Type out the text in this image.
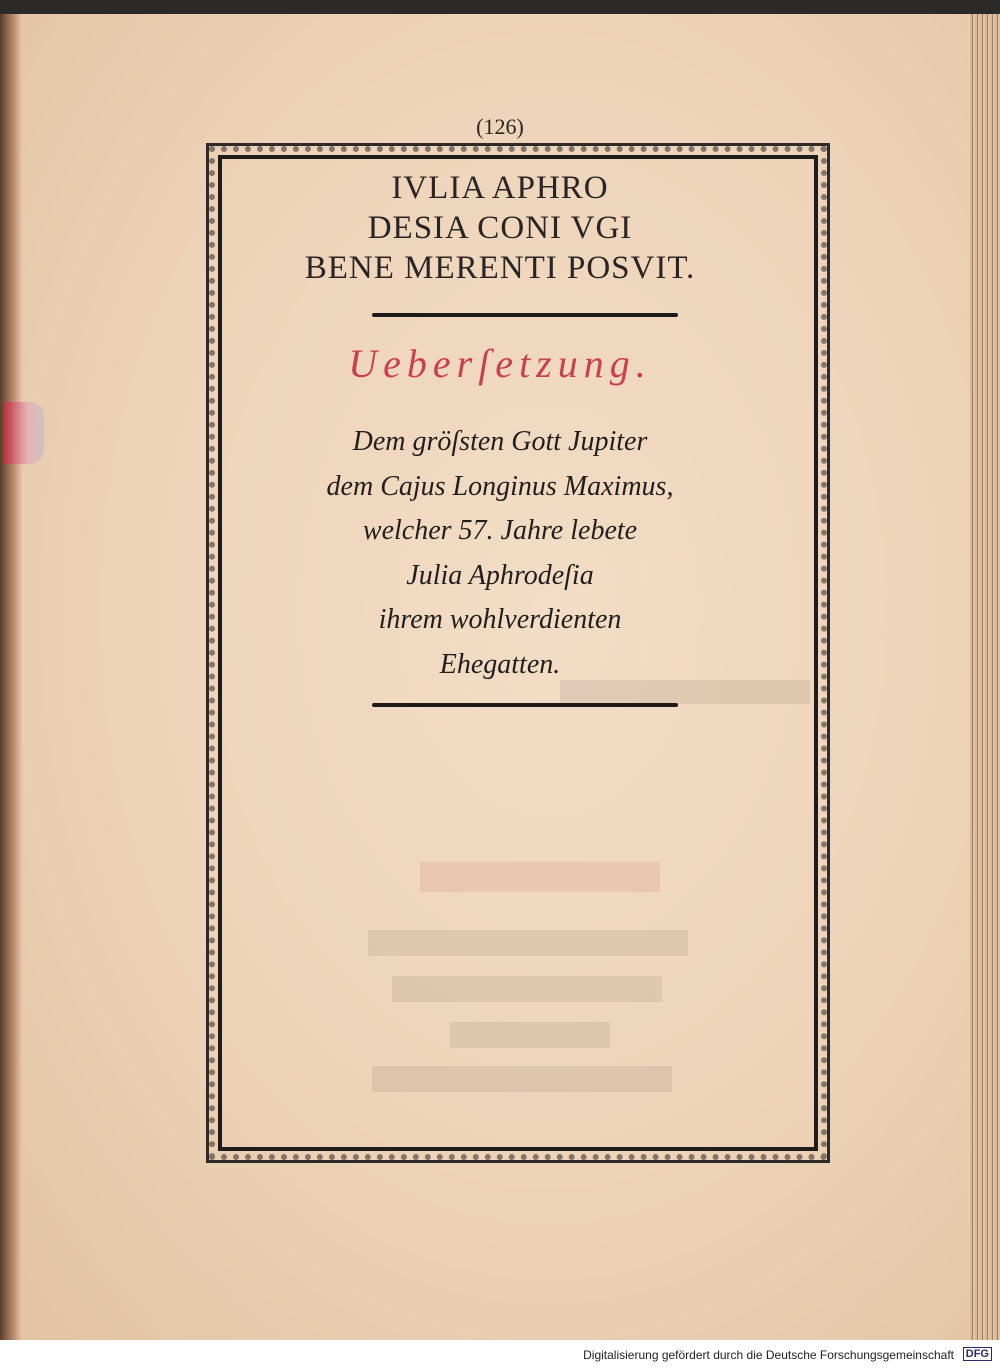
(126)
IVLIA APHRO
DESIA CONI VGI
BENE MERENTI POSVIT.
Ueberſetzung.
Dem gröſsten Gott Jupiter
dem Cajus Longinus Maximus,
welcher 57. Jahre lebete
Julia Aphrodeſia
ihrem wohlverdienten
Ehegatten.
Digitalisierung gefördert durch die Deutsche Forschungsgemeinschaft DFG
